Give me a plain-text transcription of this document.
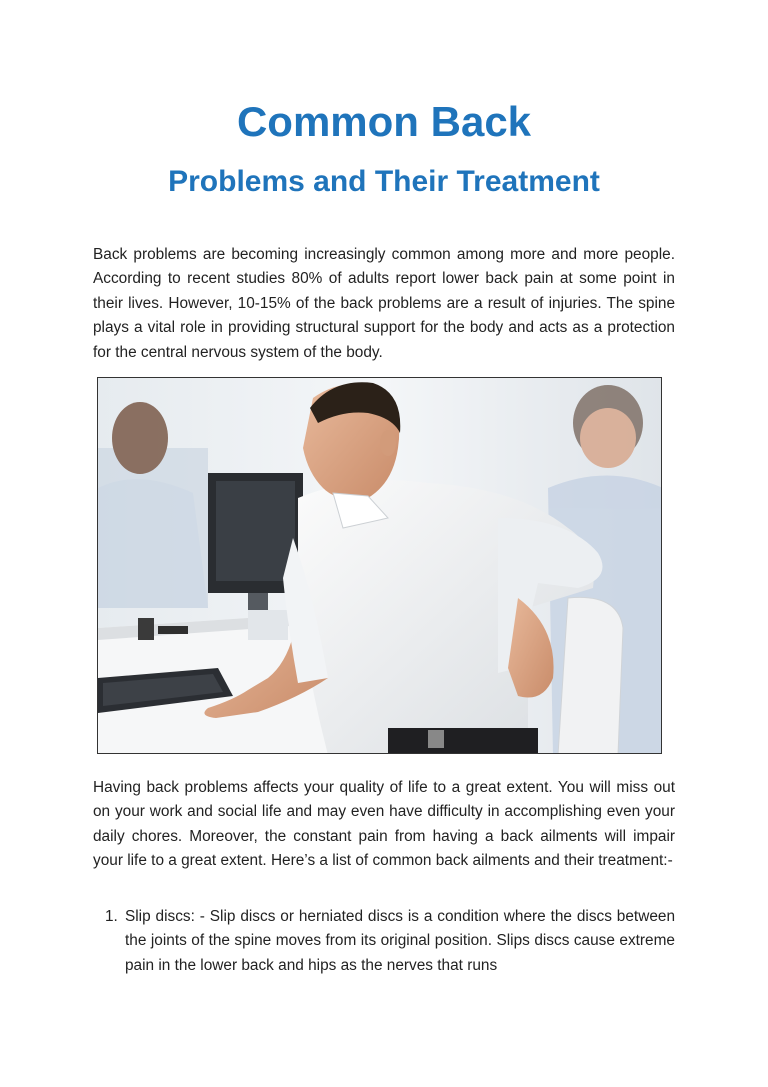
Common Back
Problems and Their Treatment
Back problems are becoming increasingly common among more and more people. According to recent studies 80% of adults report lower back pain at some point in their lives. However, 10-15% of the back problems are a result of injuries. The spine plays a vital role in providing structural support for the body and acts as a protection for the central nervous system of the body.
Having back problems affects your quality of life to a great extent. You will miss out on your work and social life and may even have difficulty in accomplishing even your daily chores. Moreover, the constant pain from having a back ailments will impair your life to a great extent. Here’s a list of common back ailments and their treatment:-
1. Slip discs: - Slip discs or herniated discs is a condition where the discs between the joints of the spine moves from its original position. Slips discs cause extreme pain in the lower back and hips as the nerves that runs
